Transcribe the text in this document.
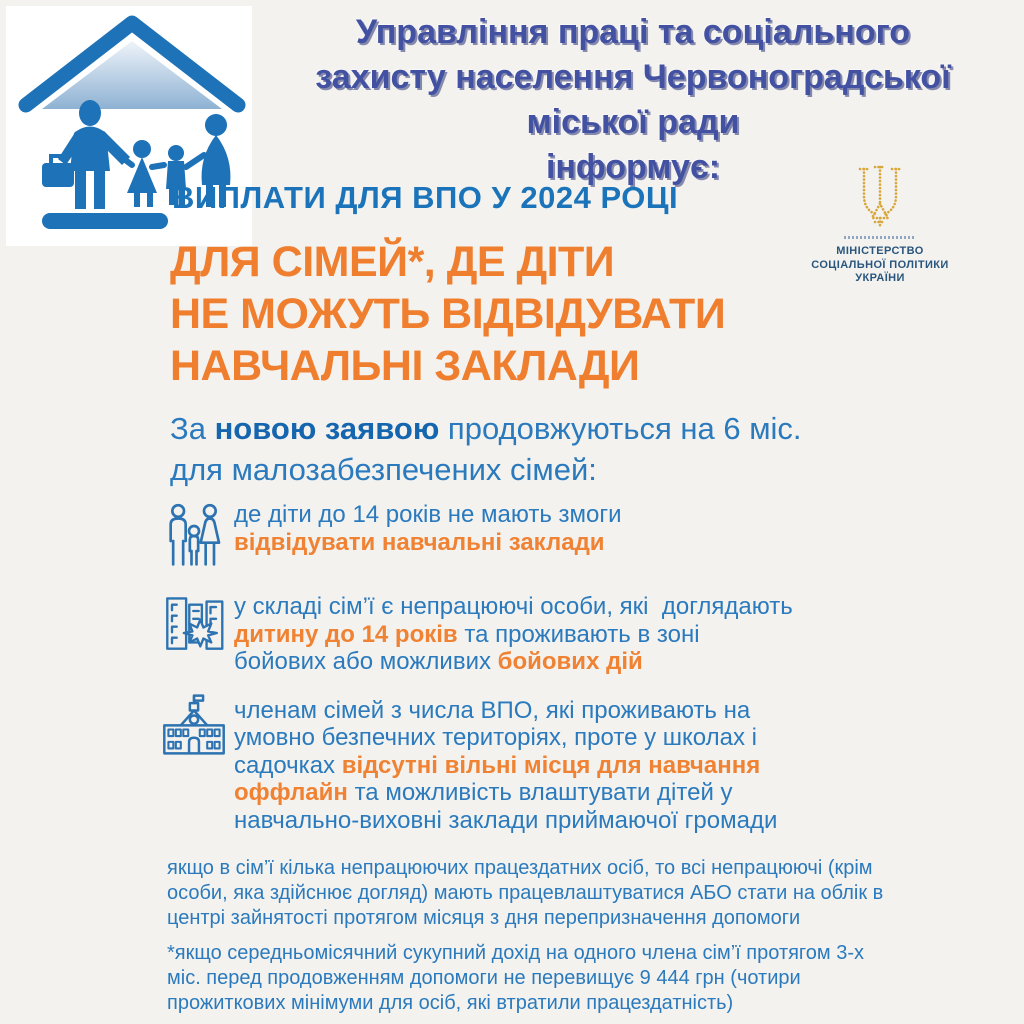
Управління праці та соціального
захисту населення Червоноградської
міської ради
інформує:
ВИПЛАТИ ДЛЯ ВПО У 2024 РОЦІ
МІНІСТЕРСТВО
СОЦІАЛЬНОЇ ПОЛІТИКИ
УКРАЇНИ
ДЛЯ СІМЕЙ*, ДЕ ДІТИ
НЕ МОЖУТЬ ВІДВІДУВАТИ
НАВЧАЛЬНІ ЗАКЛАДИ
За новою заявою продовжуються на 6 міс.
для малозабезпечених сімей:
де діти до 14 років не мають змоги
відвідувати навчальні заклади
у складі сім’ї є непрацюючі особи, які  доглядають
дитину до 14 років та проживають в зоні
бойових або можливих бойових дій
членам сімей з числа ВПО, які проживають на
умовно безпечних територіях, проте у школах і
садочках відсутні вільні місця для навчання
оффлайн та можливість влаштувати дітей у
навчально-виховні заклади приймаючої громади
якщо в сім’ї кілька непрацюючих працездатних осіб, то всі непрацюючі (крім
особи, яка здійснює догляд) мають працевлаштуватися АБО стати на облік в
центрі зайнятості протягом місяця з дня перепризначення допомоги
*якщо середньомісячний сукупний дохід на одного члена сім’ї протягом 3-х
міс. перед продовженням допомоги не перевищує 9 444 грн (чотири
прожиткових мінімуми для осіб, які втратили працездатність)
